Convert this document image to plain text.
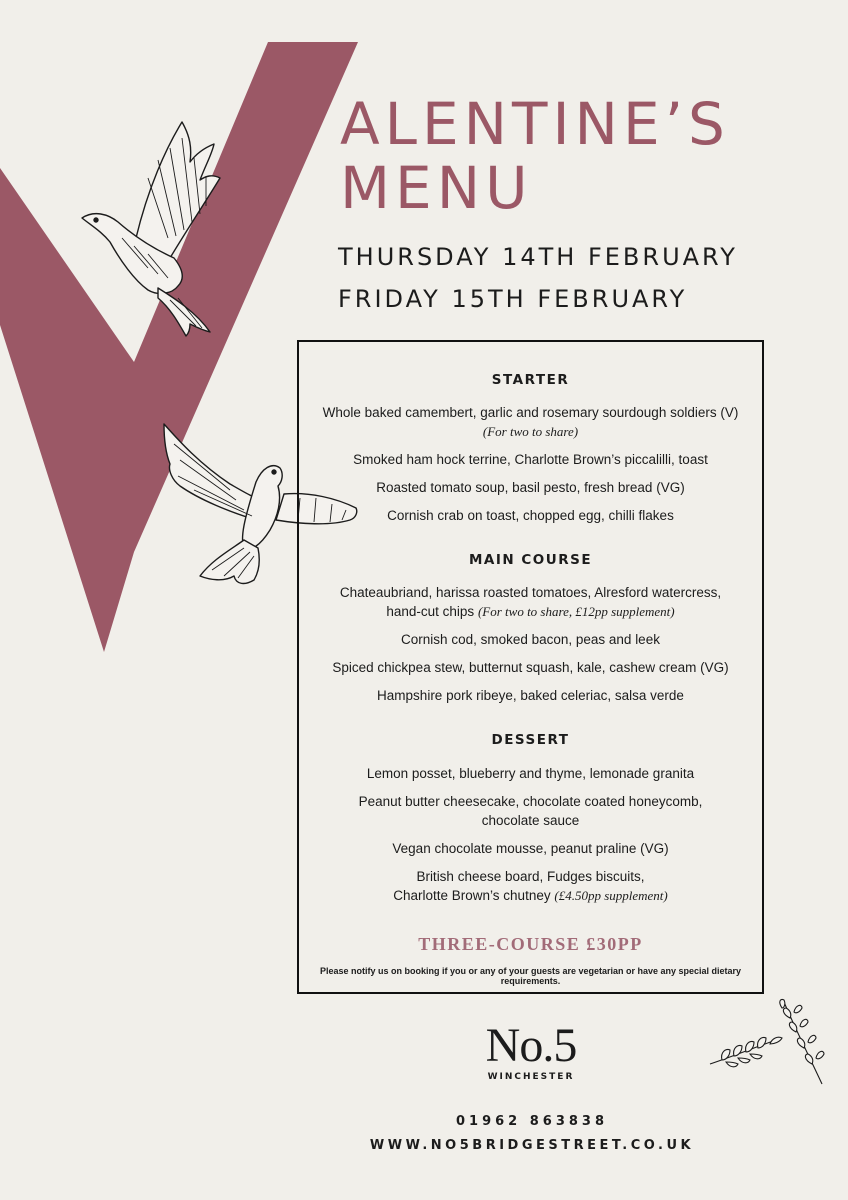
ALENTINE’S
MENU
THURSDAY 14TH FEBRUARY
FRIDAY 15TH FEBRUARY

STARTER

Whole baked camembert, garlic and rosemary sourdough soldiers (V)

(For two to share)

Smoked ham hock terrine, Charlotte Brown’s piccalilli, toast

Roasted tomato soup, basil pesto, fresh bread (VG)

Cornish crab on toast, chopped egg, chilli flakes

MAIN COURSE

Chateaubriand, harissa roasted tomatoes, Alresford watercress,

hand-cut chips (For two to share, £12pp supplement)

Cornish cod, smoked bacon, peas and leek

Spiced chickpea stew, butternut squash, kale, cashew cream (VG)

Hampshire pork ribeye, baked celeriac, salsa verde

DESSERT

Lemon posset, blueberry and thyme, lemonade granita

Peanut butter cheesecake, chocolate coated honeycomb,

chocolate sauce

Vegan chocolate mousse, peanut praline (VG)

British cheese board, Fudges biscuits,

Charlotte Brown’s chutney (£4.50pp supplement)

THREE-COURSE £30PP

Please notify us on booking if you or any of your guests are vegetarian or have any special dietary requirements.

No.5
WINCHESTER
01962 863838
WWW.NO5BRIDGESTREET.CO.UK
